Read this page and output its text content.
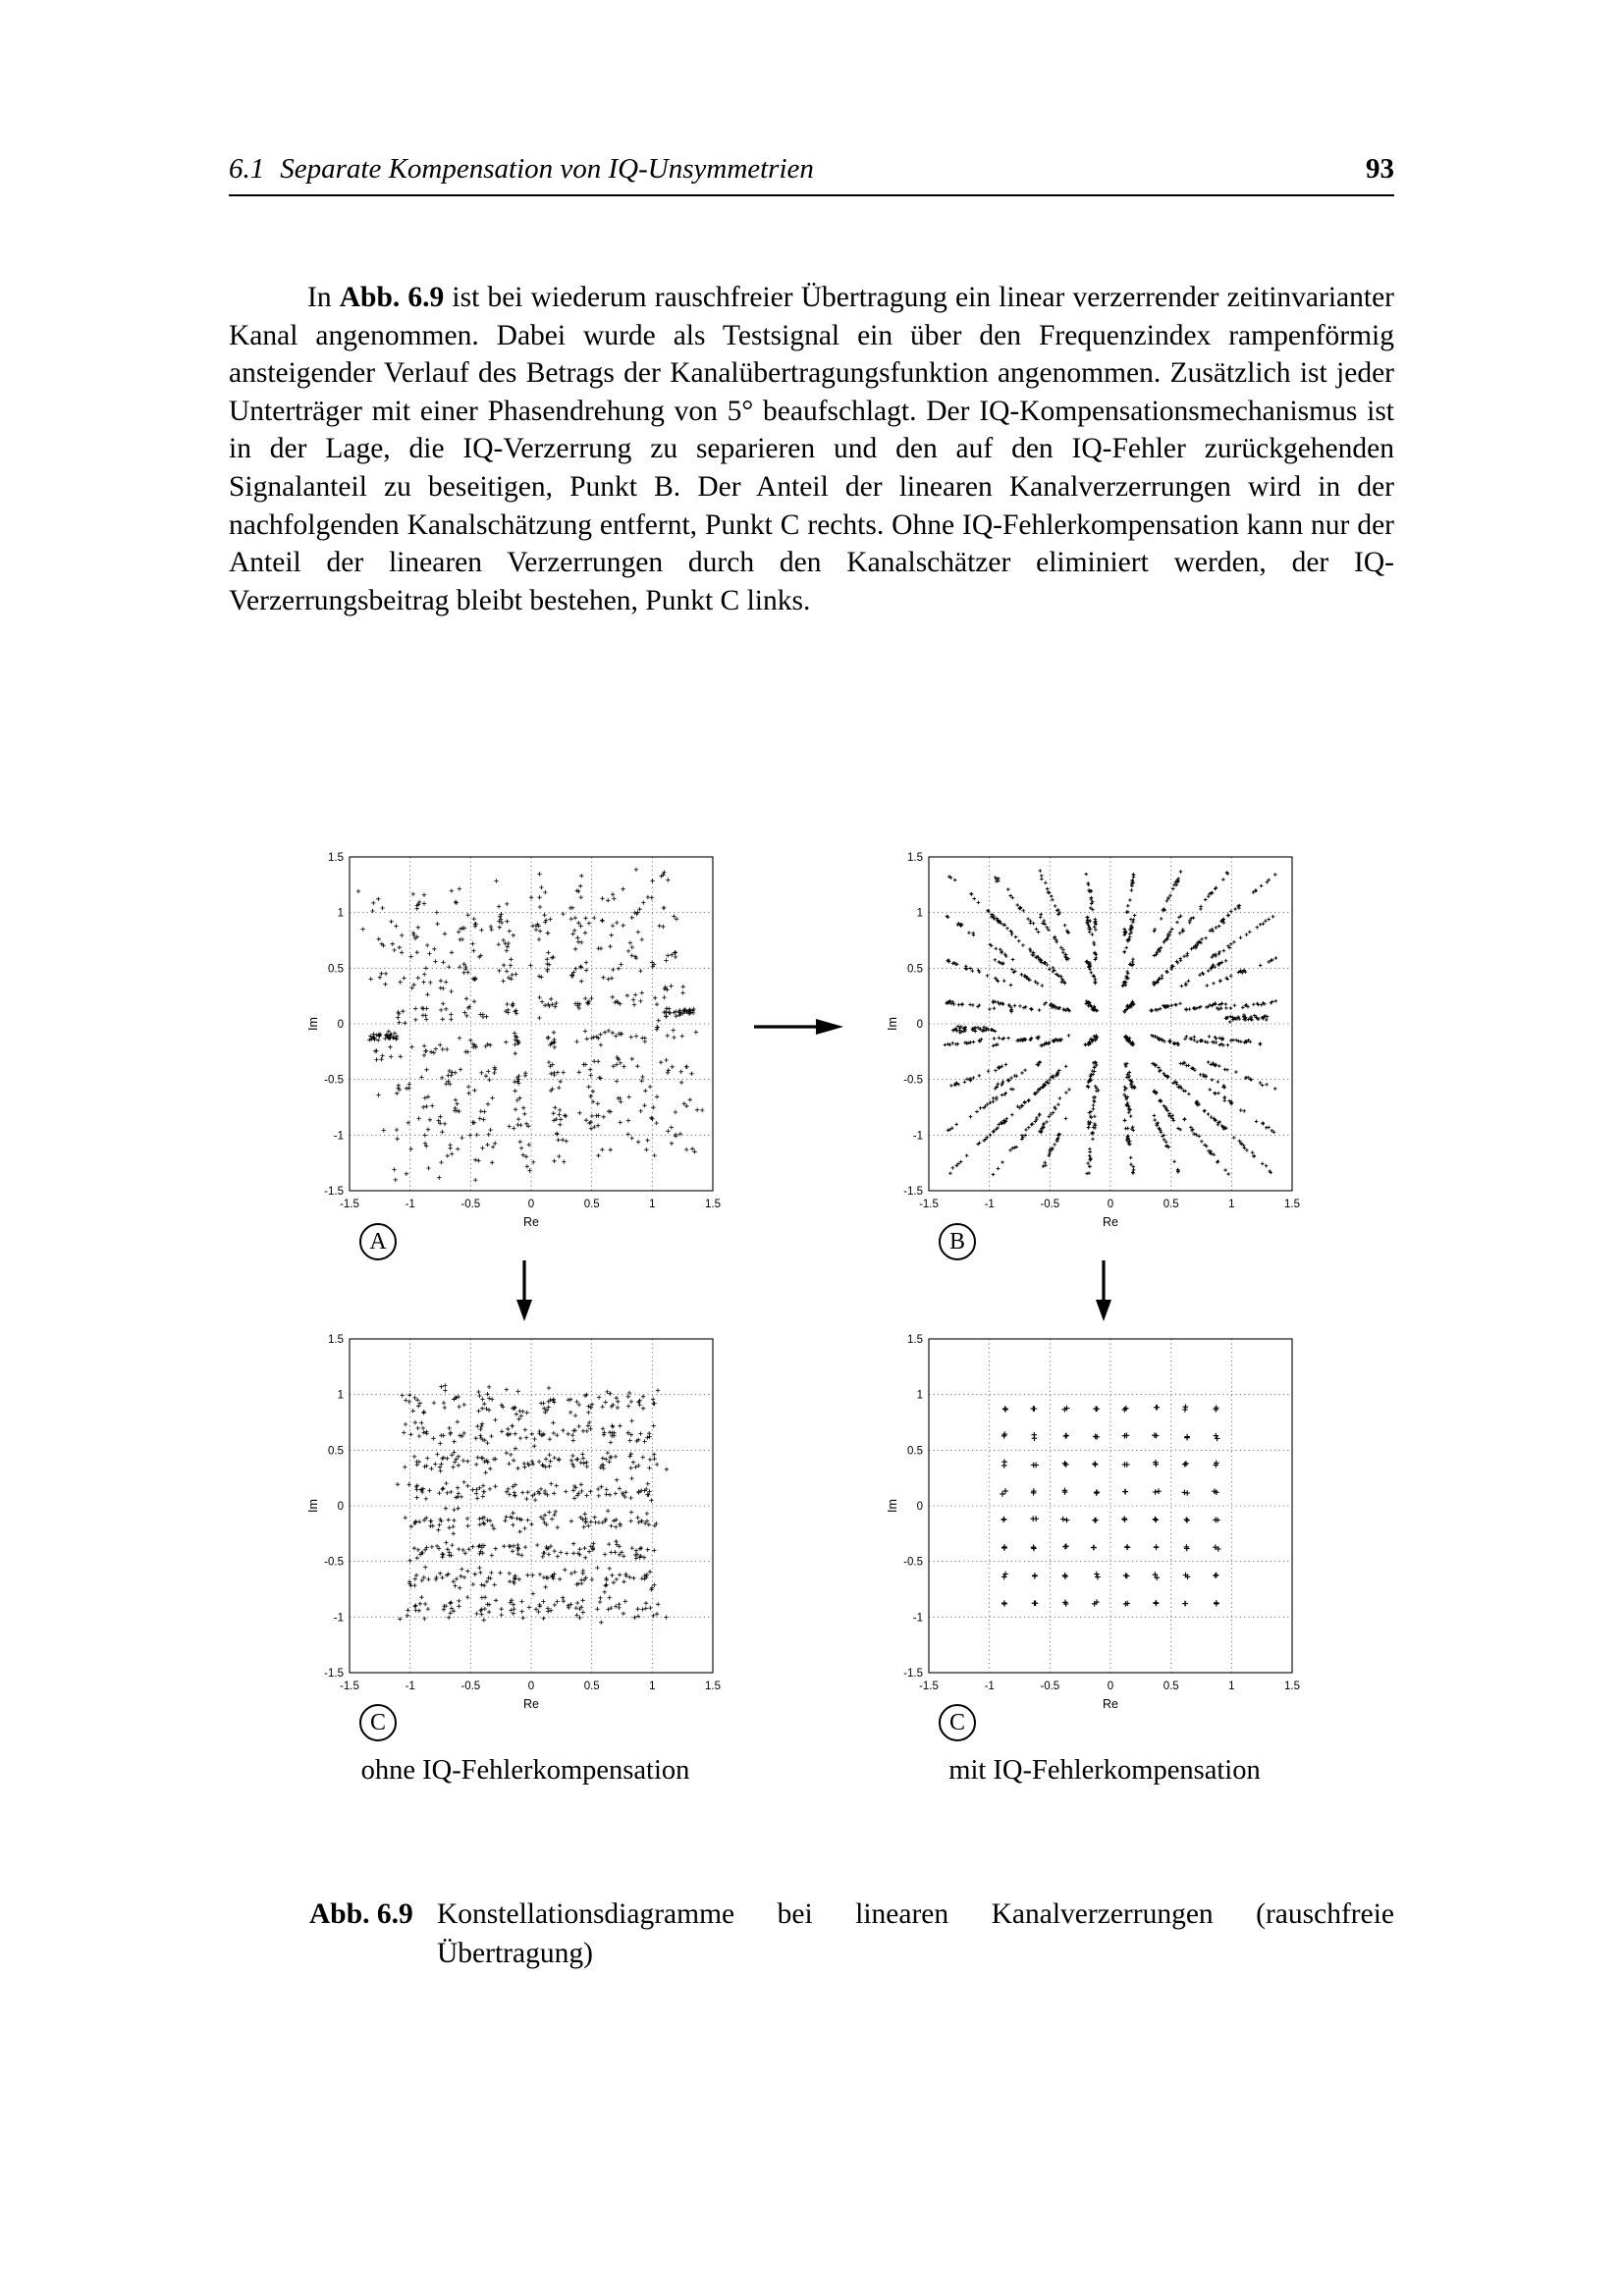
6.1 Separate Kompensation von IQ-Unsymmetrien	93

In Abb. 6.9 ist bei wiederum rauschfreier Übertragung ein linear verzerrender zeitinvarianter Kanal angenommen. Dabei wurde als Testsignal ein über den Frequenzindex rampenförmig ansteigender Verlauf des Betrags der Kanalübertragungsfunktion angenommen. Zusätzlich ist jeder Unterträger mit einer Phasendrehung von 5° beaufschlagt. Der IQ-Kompensationsmechanismus ist in der Lage, die IQ-Verzerrung zu separieren und den auf den IQ-Fehler zurückgehenden Signalanteil zu beseitigen, Punkt B. Der Anteil der linearen Kanalverzerrungen wird in der nachfolgenden Kanalschätzung entfernt, Punkt C rechts. Ohne IQ-Fehlerkompensation kann nur der Anteil der linearen Verzerrungen durch den Kanalschätzer eliminiert werden, der IQ-Verzerrungsbeitrag bleibt bestehen, Punkt C links.

-1.5
-1.5
-1
-1
-0.5
-0.5
0
0
0.5
0.5
1
1
1.5
1.5
Re
Im
-1.5
-1.5
-1
-1
-0.5
-0.5
0
0
0.5
0.5
1
1
1.5
1.5
Re
Im
-1.5
-1.5
-1
-1
-0.5
-0.5
0
0
0.5
0.5
1
1
1.5
1.5
Re
Im
-1.5
-1.5
-1
-1
-0.5
-0.5
0
0
0.5
0.5
1
1
1.5
1.5
Re
Im
A	B
C	C
ohne IQ-Fehlerkompensation	mit IQ-Fehlerkompensation
Abb. 6.9 Konstellationsdiagramme bei linearen Kanalverzerrungen (rauschfreie Übertragung)
